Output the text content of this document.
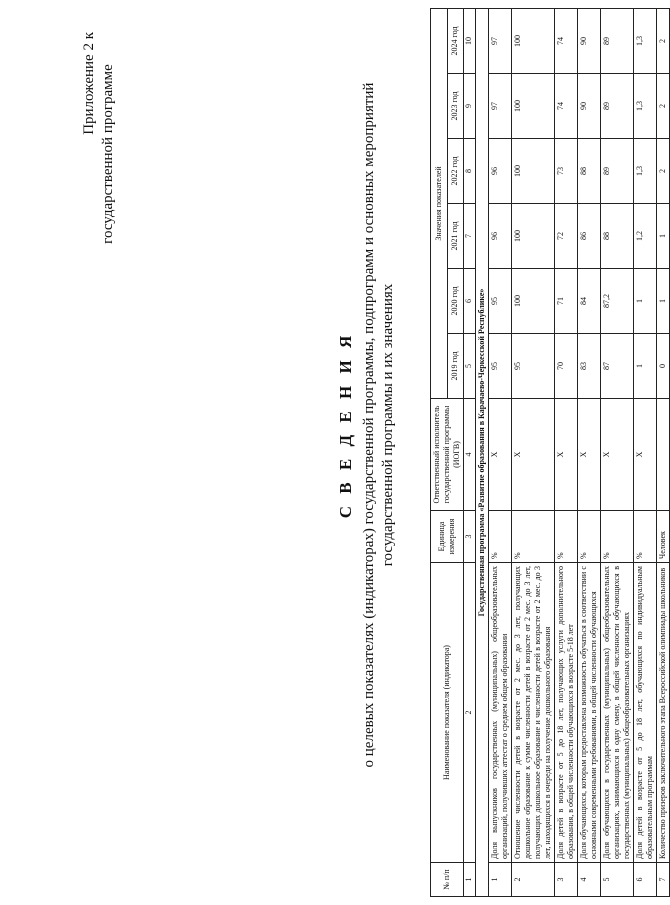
Приложение 2 к государственной программе
С В Е Д Е Н И Я о целевых показателях (индикаторах) государственной программы, подпрограмм и основных мероприятий государственной программы и их значениях
№ п/п	Наименование показателя (индикатора)	Единица измерения	Ответственный исполнитель государственной программы (ИОГВ)	Значения показателей					
				2019 год	2020 год	2021 год	2022 год	2023 год	2024 год
1	2	3	4	5	6	7	8	9	10
Государственная программа «Развитие образования в Карачаево-Черкесской Республике»									
1	Доля выпускников государственных (муниципальных) общеобразовательных организаций, получивших аттестат о среднем общем образовании	%	X	95	95	96	96	97	97
2	Отношение численности детей в возрасте от 2 мес. до 3 лет, получающих дошкольное образование к сумме численности детей в возрасте от 2 мес. до 3 лет, получающих дошкольное образование и численности детей в возрасте от 2 мес. до 3 лет, находящихся в очереди на получение дошкольного образования	%	X	95	100	100	100	100	100
3	Доля детей в возрасте от 5 до 18 лет, получающих услуги дополнительного образования, в общей численности обучающихся в возрасте 5-18 лет	%	X	70	71	72	73	74	74
4	Доля обучающихся, которым предоставлена возможность обучаться в соответствии с основными современными требованиями, в общей численности обучающихся	%	X	83	84	86	88	90	90
5	Доля обучающихся в государственных (муниципальных) общеобразовательных организациях, занимающихся в одну смену, в общей численности обучающихся в государственных (муниципальных) общеобразовательных организациях	%	X	87	87,2	88	89	89	89
6	Доля детей в возрасте от 5 до 18 лет, обучающихся по индивидуальным образовательным программам	%	X	1	1	1,2	1,3	1,3	1,3
7	Количество призеров заключительного этапа Всероссийской олимпиады школьников	Человек		0	1	1	2	2	2
